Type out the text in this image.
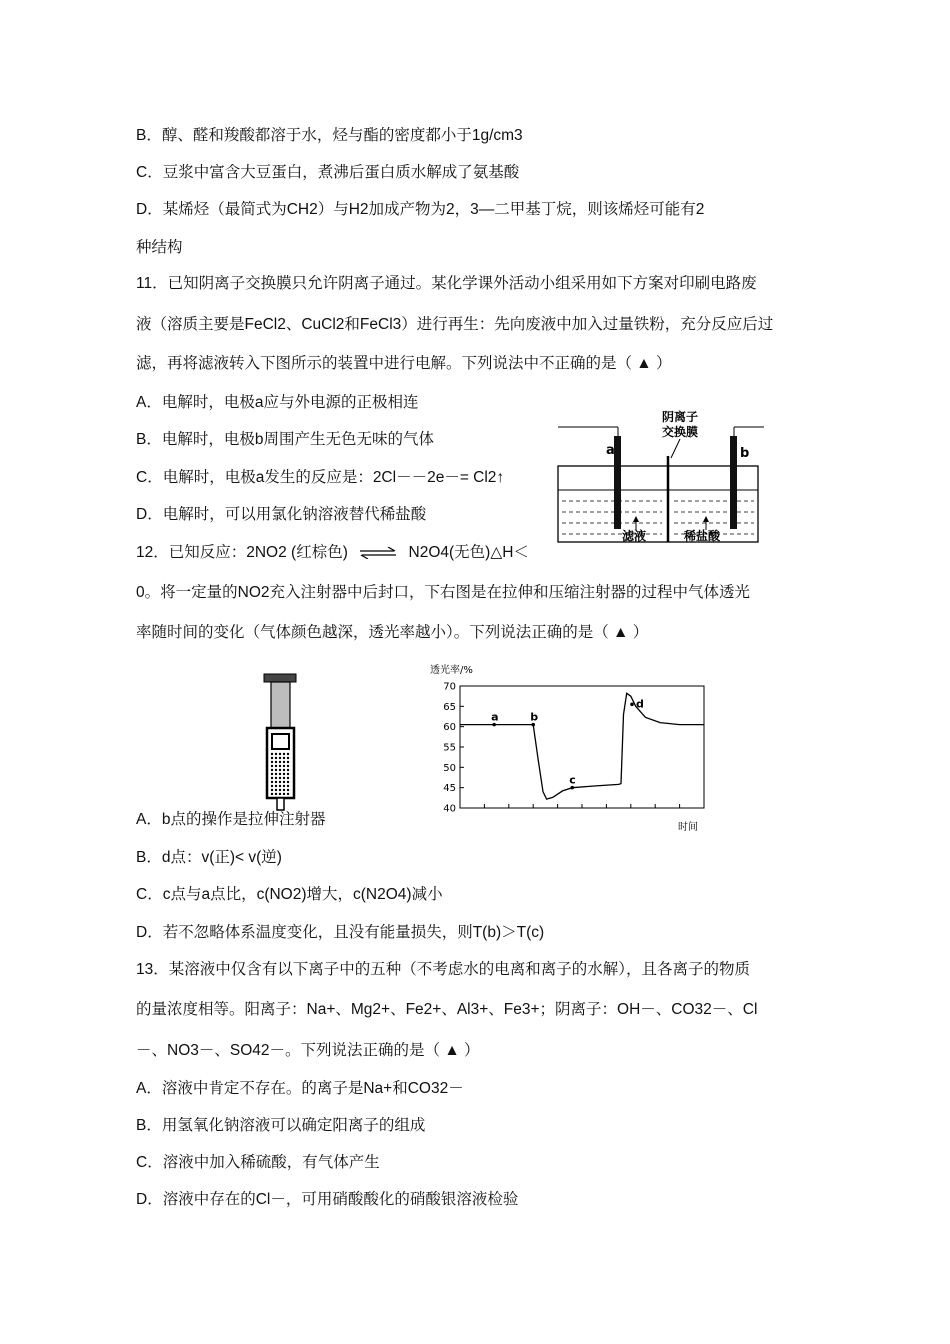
B．醇、醛和羧酸都溶于水，烃与酯的密度都小于1g/cm3
C．豆浆中富含大豆蛋白，煮沸后蛋白质水解成了氨基酸
D．某烯烃（最简式为CH2）与H2加成产物为2，3—二甲基丁烷，则该烯烃可能有2
种结构
11．已知阴离子交换膜只允许阴离子通过。某化学课外活动小组采用如下方案对印刷电路废
液（溶质主要是FeCl2、CuCl2和FeCl3）进行再生：先向废液中加入过量铁粉，充分反应后过
滤，再将滤液转入下图所示的装置中进行电解。下列说法中不正确的是（ ▲ ）
A．电解时，电极a应与外电源的正极相连
B．电解时，电极b周围产生无色无味的气体
C．电解时，电极a发生的反应是：2Cl－－2e－= Cl2↑
D．电解时，可以用氯化钠溶液替代稀盐酸
阴离子
交换膜
a	b
滤液	稀盐酸
12．已知反应：2NO2 (红棕色) ⇌ N2O4(无色)△H＜
0。将一定量的NO2充入注射器中后封口，下右图是在拉伸和压缩注射器的过程中气体透光
率随时间的变化（气体颜色越深，透光率越小）。下列说法正确的是（ ▲ ）
透光率/%
40
45
50
55
60
65
70
a	b
c
d
时间
A．b点的操作是拉伸注射器
B．d点：v(正)< v(逆)
C．c点与a点比，c(NO2)增大，c(N2O4)减小
D．若不忽略体系温度变化，且没有能量损失，则T(b)＞T(c)
13．某溶液中仅含有以下离子中的五种（不考虑水的电离和离子的水解），且各离子的物质
的量浓度相等。阳离子：Na+、Mg2+、Fe2+、Al3+、Fe3+；阴离子：OH－、CO32－、Cl
－、NO3－、SO42－。下列说法正确的是（ ▲ ）
A．溶液中肯定不存在。的离子是Na+和CO32－
B．用氢氧化钠溶液可以确定阳离子的组成
C．溶液中加入稀硫酸，有气体产生
D．溶液中存在的Cl－，可用硝酸酸化的硝酸银溶液检验
